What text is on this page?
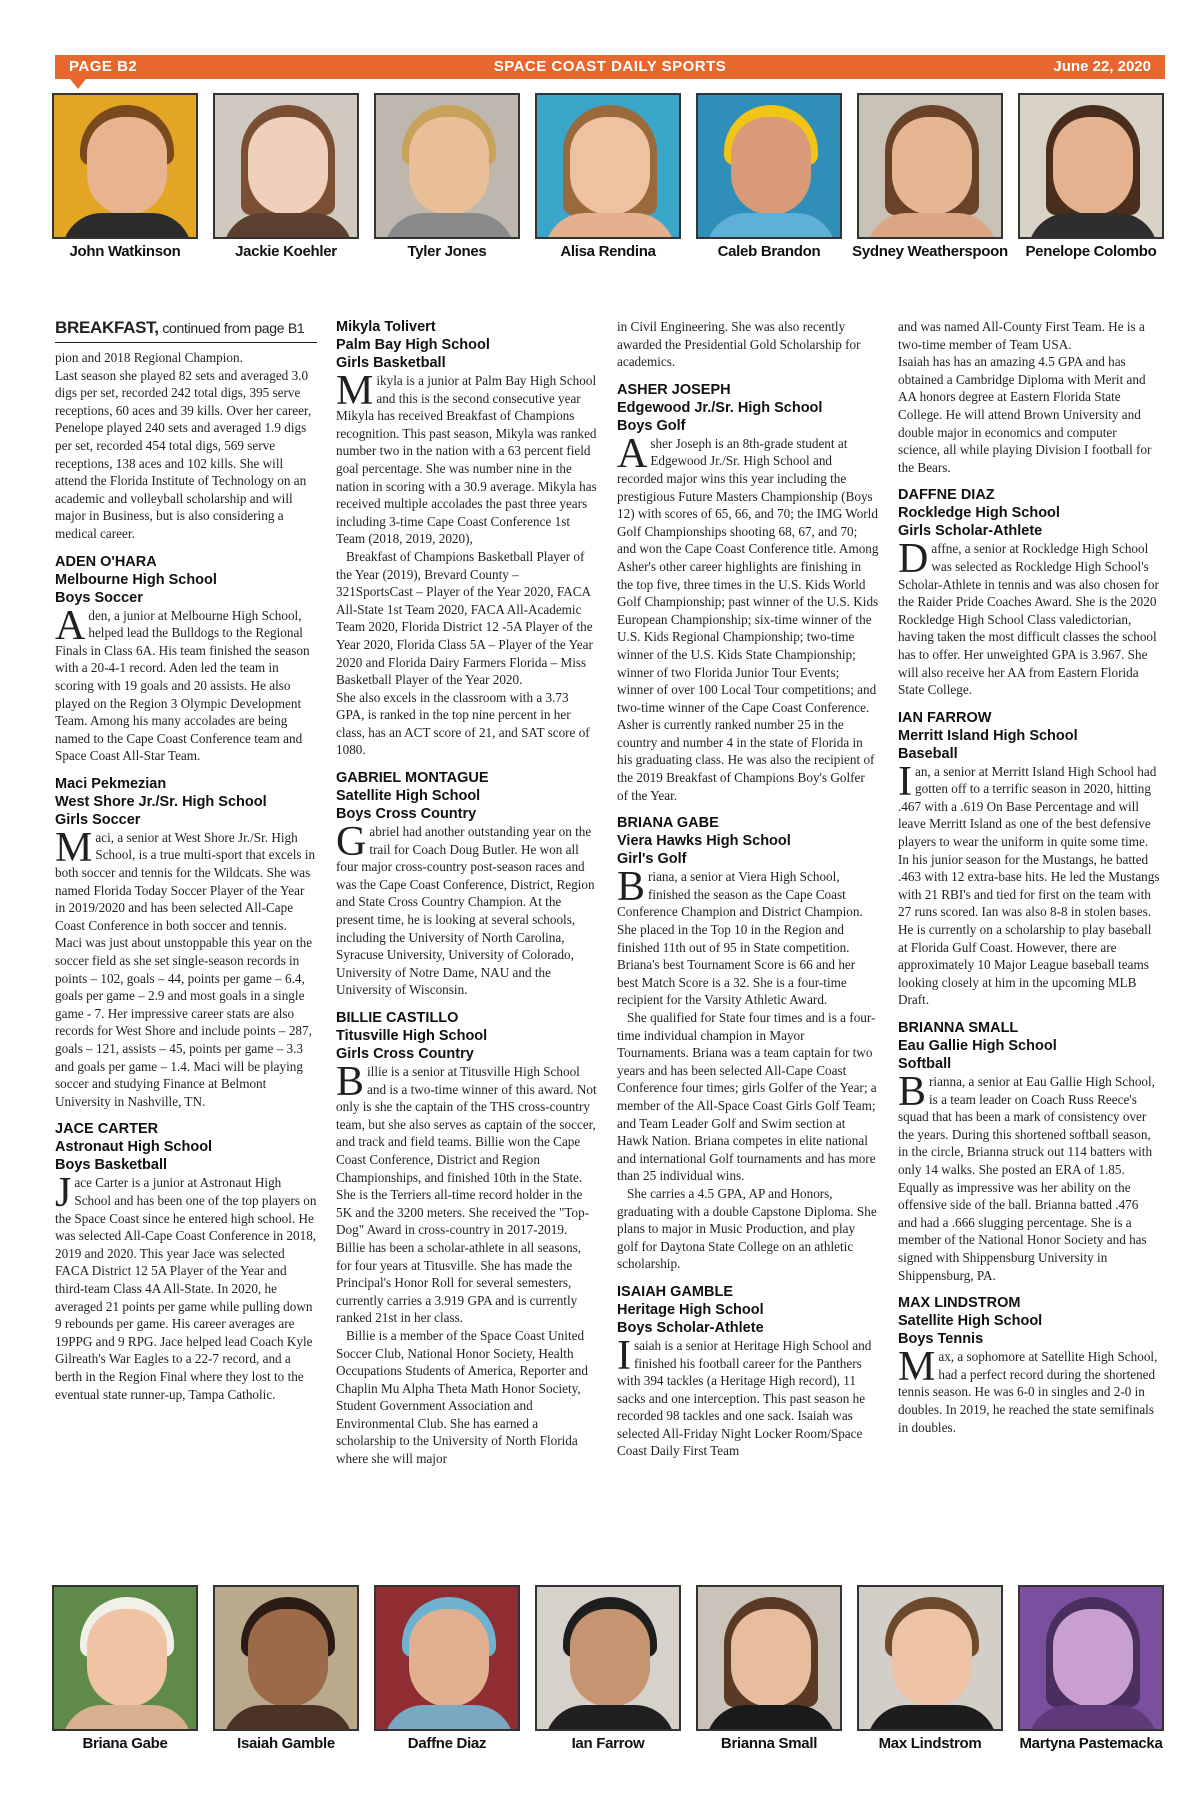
PAGE B2	SPACE COAST DAILY SPORTS	June 22, 2020
John Watkinson	Jackie Koehler	Tyler Jones	Alisa Rendina	Caleb Brandon	Sydney Weatherspoon	Penelope Colombo
BREAKFAST, continued from page B1
pion and 2018 Regional Champion.
Last season she played 82 sets and averaged 3.0 digs per set, recorded 242 total digs, 395 serve receptions, 60 aces and 39 kills. Over her career, Penelope played 240 sets and averaged 1.9 digs per set, recorded 454 total digs, 569 serve receptions, 138 aces and 102 kills. She will attend the Florida Institute of Technology on an academic and volleyball scholarship and will major in Business, but is also considering a medical career.
ADEN O'HARA
Melbourne High School
Boys Soccer
Aden, a junior at Melbourne High School, helped lead the Bulldogs to the Regional Finals in Class 6A. His team finished the season with a 20-4-1 record. Aden led the team in scoring with 19 goals and 20 assists. He also played on the Region 3 Olympic Development Team. Among his many accolades are being named to the Cape Coast Conference team and Space Coast All-Star Team.
Maci Pekmezian
West Shore Jr./Sr. High School
Girls Soccer
Maci, a senior at West Shore Jr./Sr. High School, is a true multi-sport that excels in both soccer and tennis for the Wildcats. She was named Florida Today Soccer Player of the Year in 2019/2020 and has been selected All-Cape Coast Conference in both soccer and tennis. Maci was just about unstoppable this year on the soccer field as she set single-season records in points – 102, goals – 44, points per game – 6.4, goals per game – 2.9 and most goals in a single game - 7. Her impressive career stats are also records for West Shore and include points – 287, goals – 121, assists – 45, points per game – 3.3 and goals per game – 1.4. Maci will be playing soccer and studying Finance at Belmont University in Nashville, TN.
JACE CARTER
Astronaut High School
Boys Basketball
Jace Carter is a junior at Astronaut High School and has been one of the top players on the Space Coast since he entered high school. He was selected All-Cape Coast Conference in 2018, 2019 and 2020. This year Jace was selected FACA District 12 5A Player of the Year and third-team Class 4A All-State. In 2020, he averaged 21 points per game while pulling down 9 rebounds per game. His career averages are 19PPG and 9 RPG. Jace helped lead Coach Kyle Gilreath's War Eagles to a 22-7 record, and a berth in the Region Final where they lost to the eventual state runner-up, Tampa Catholic.
Mikyla Tolivert
Palm Bay High School
Girls Basketball
Mikyla is a junior at Palm Bay High School and this is the second consecutive year Mikyla has received Breakfast of Champions recognition. This past season, Mikyla was ranked number two in the nation with a 63 percent field goal percentage. She was number nine in the nation in scoring with a 30.9 average. Mikyla has received multiple accolades the past three years including 3-time Cape Coast Conference 1st Team (2018, 2019, 2020),
Breakfast of Champions Basketball Player of the Year (2019), Brevard County – 321SportsCast – Player of the Year 2020, FACA All-State 1st Team 2020, FACA All-Academic Team 2020, Florida District 12 -5A Player of the Year 2020, Florida Class 5A – Player of the Year 2020 and Florida Dairy Farmers Florida – Miss Basketball Player of the Year 2020.
She also excels in the classroom with a 3.73 GPA, is ranked in the top nine percent in her class, has an ACT score of 21, and SAT score of 1080.
GABRIEL MONTAGUE
Satellite High School
Boys Cross Country
Gabriel had another outstanding year on the trail for Coach Doug Butler. He won all four major cross-country post-season races and was the Cape Coast Conference, District, Region and State Cross Country Champion. At the present time, he is looking at several schools, including the University of North Carolina, Syracuse University, University of Colorado, University of Notre Dame, NAU and the University of Wisconsin.
BILLIE CASTILLO
Titusville High School
Girls Cross Country
Billie is a senior at Titusville High School and is a two-time winner of this award. Not only is she the captain of the THS cross-country team, but she also serves as captain of the soccer, and track and field teams. Billie won the Cape Coast Conference, District and Region Championships, and finished 10th in the State. She is the Terriers all-time record holder in the 5K and the 3200 meters. She received the "Top-Dog" Award in cross-country in 2017-2019. Billie has been a scholar-athlete in all seasons, for four years at Titusville. She has made the Principal's Honor Roll for several semesters, currently carries a 3.919 GPA and is currently ranked 21st in her class.
Billie is a member of the Space Coast United Soccer Club, National Honor Society, Health Occupations Students of America, Reporter and Chaplin Mu Alpha Theta Math Honor Society, Student Government Association and Environmental Club. She has earned a scholarship to the University of North Florida where she will major
in Civil Engineering. She was also recently awarded the Presidential Gold Scholarship for academics.
ASHER JOSEPH
Edgewood Jr./Sr. High School
Boys Golf
Asher Joseph is an 8th-grade student at Edgewood Jr./Sr. High School and recorded major wins this year including the prestigious Future Masters Championship (Boys 12) with scores of 65, 66, and 70; the IMG World Golf Championships shooting 68, 67, and 70; and won the Cape Coast Conference title. Among Asher's other career highlights are finishing in the top five, three times in the U.S. Kids World Golf Championship; past winner of the U.S. Kids European Championship; six-time winner of the U.S. Kids Regional Championship; two-time winner of the U.S. Kids State Championship; winner of two Florida Junior Tour Events; winner of over 100 Local Tour competitions; and two-time winner of the Cape Coast Conference.
Asher is currently ranked number 25 in the country and number 4 in the state of Florida in his graduating class. He was also the recipient of the 2019 Breakfast of Champions Boy's Golfer of the Year.
BRIANA GABE
Viera Hawks High School
Girl's Golf
Briana, a senior at Viera High School, finished the season as the Cape Coast Conference Champion and District Champion. She placed in the Top 10 in the Region and finished 11th out of 95 in State competition. Briana's best Tournament Score is 66 and her best Match Score is a 32. She is a four-time recipient for the Varsity Athletic Award.
She qualified for State four times and is a four-time individual champion in Mayor Tournaments. Briana was a team captain for two years and has been selected All-Cape Coast Conference four times; girls Golfer of the Year; a member of the All-Space Coast Girls Golf Team; and Team Leader Golf and Swim section at Hawk Nation. Briana competes in elite national and international Golf tournaments and has more than 25 individual wins.
She carries a 4.5 GPA, AP and Honors, graduating with a double Capstone Diploma. She plans to major in Music Production, and play golf for Daytona State College on an athletic scholarship.
ISAIAH GAMBLE
Heritage High School
Boys Scholar-Athlete
Isaiah is a senior at Heritage High School and finished his football career for the Panthers with 394 tackles (a Heritage High record), 11 sacks and one interception. This past season he recorded 98 tackles and one sack. Isaiah was selected All-Friday Night Locker Room/Space Coast Daily First Team
and was named All-County First Team. He is a two-time member of Team USA.
Isaiah has has an amazing 4.5 GPA and has obtained a Cambridge Diploma with Merit and AA honors degree at Eastern Florida State College. He will attend Brown University and double major in economics and computer science, all while playing Division I football for the Bears.
DAFFNE DIAZ
Rockledge High School
Girls Scholar-Athlete
Daffne, a senior at Rockledge High School was selected as Rockledge High School's Scholar-Athlete in tennis and was also chosen for the Raider Pride Coaches Award. She is the 2020 Rockledge High School Class valedictorian, having taken the most difficult classes the school has to offer. Her unweighted GPA is 3.967. She will also receive her AA from Eastern Florida State College.
IAN FARROW
Merritt Island High School
Baseball
Ian, a senior at Merritt Island High School had gotten off to a terrific season in 2020, hitting .467 with a .619 On Base Percentage and will leave Merritt Island as one of the best defensive players to wear the uniform in quite some time.
In his junior season for the Mustangs, he batted .463 with 12 extra-base hits. He led the Mustangs with 21 RBI's and tied for first on the team with 27 runs scored. Ian was also 8-8 in stolen bases. He is currently on a scholarship to play baseball at Florida Gulf Coast. However, there are approximately 10 Major League baseball teams looking closely at him in the upcoming MLB Draft.
BRIANNA SMALL
Eau Gallie High School
Softball
Brianna, a senior at Eau Gallie High School, is a team leader on Coach Russ Reece's squad that has been a mark of consistency over the years. During this shortened softball season, in the circle, Brianna struck out 114 batters with only 14 walks. She posted an ERA of 1.85. Equally as impressive was her ability on the offensive side of the ball. Brianna batted .476 and had a .666 slugging percentage. She is a member of the National Honor Society and has signed with Shippensburg University in Shippensburg, PA.
MAX LINDSTROM
Satellite High School
Boys Tennis
Max, a sophomore at Satellite High School, had a perfect record during the shortened tennis season. He was 6-0 in singles and 2-0 in doubles. In 2019, he reached the state semifinals in doubles.
Briana Gabe	Isaiah Gamble	Daffne Diaz	Ian Farrow	Brianna Small	Max Lindstrom	Martyna Pastemacka
